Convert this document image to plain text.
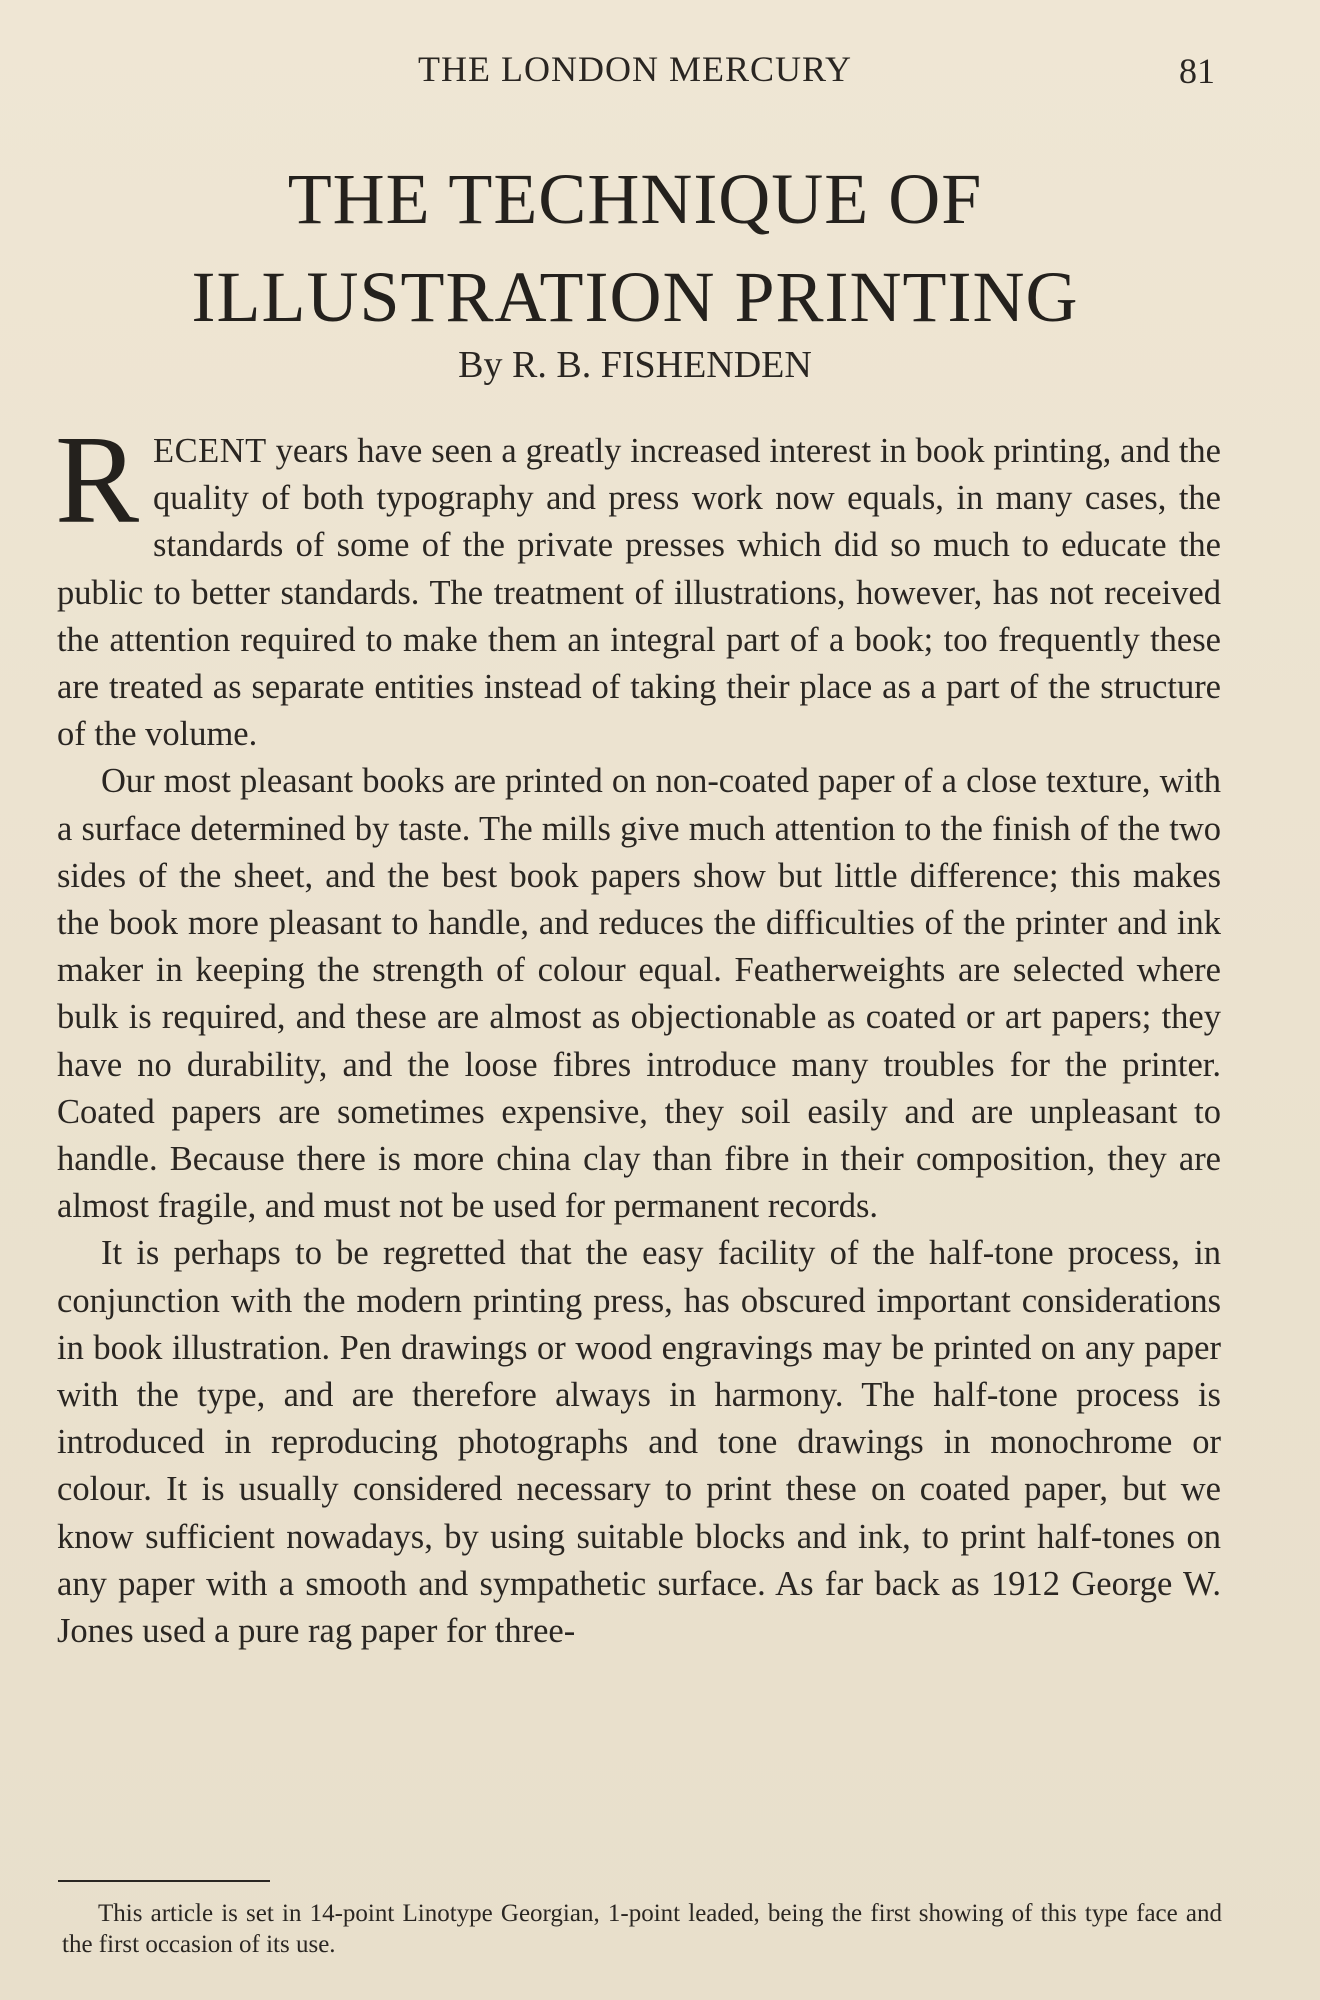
THE LONDON MERCURY	81
THE TECHNIQUE OF
ILLUSTRATION PRINTING
By R. B. FISHENDEN

RECENT years have seen a greatly increased interest in book printing, and the quality of both typography and press work now equals, in many cases, the standards of some of the private presses which did so much to educate the public to better standards. The treatment of illustrations, however, has not received the attention required to make them an integral part of a book; too frequently these are treated as separate entities instead of taking their place as a part of the structure of the volume.

Our most pleasant books are printed on non-coated paper of a close texture, with a surface determined by taste. The mills give much attention to the finish of the two sides of the sheet, and the best book papers show but little difference; this makes the book more pleasant to handle, and reduces the difficulties of the printer and ink maker in keeping the strength of colour equal. Featherweights are selected where bulk is required, and these are almost as objectionable as coated or art papers; they have no durability, and the loose fibres introduce many troubles for the printer. Coated papers are sometimes expensive, they soil easily and are unpleasant to handle. Because there is more china clay than fibre in their composition, they are almost fragile, and must not be used for permanent records.

It is perhaps to be regretted that the easy facility of the half-tone process, in conjunction with the modern printing press, has obscured important considerations in book illustration. Pen drawings or wood engravings may be printed on any paper with the type, and are therefore always in harmony. The half-tone process is introduced in reproducing photographs and tone drawings in monochrome or colour. It is usually considered necessary to print these on coated paper, but we know sufficient nowadays, by using suitable blocks and ink, to print half-tones on any paper with a smooth and sympathetic surface. As far back as 1912 George W. Jones used a pure rag paper for three-

This article is set in 14-point Linotype Georgian, 1-point leaded, being the first showing of this type face and the first occasion of its use.
